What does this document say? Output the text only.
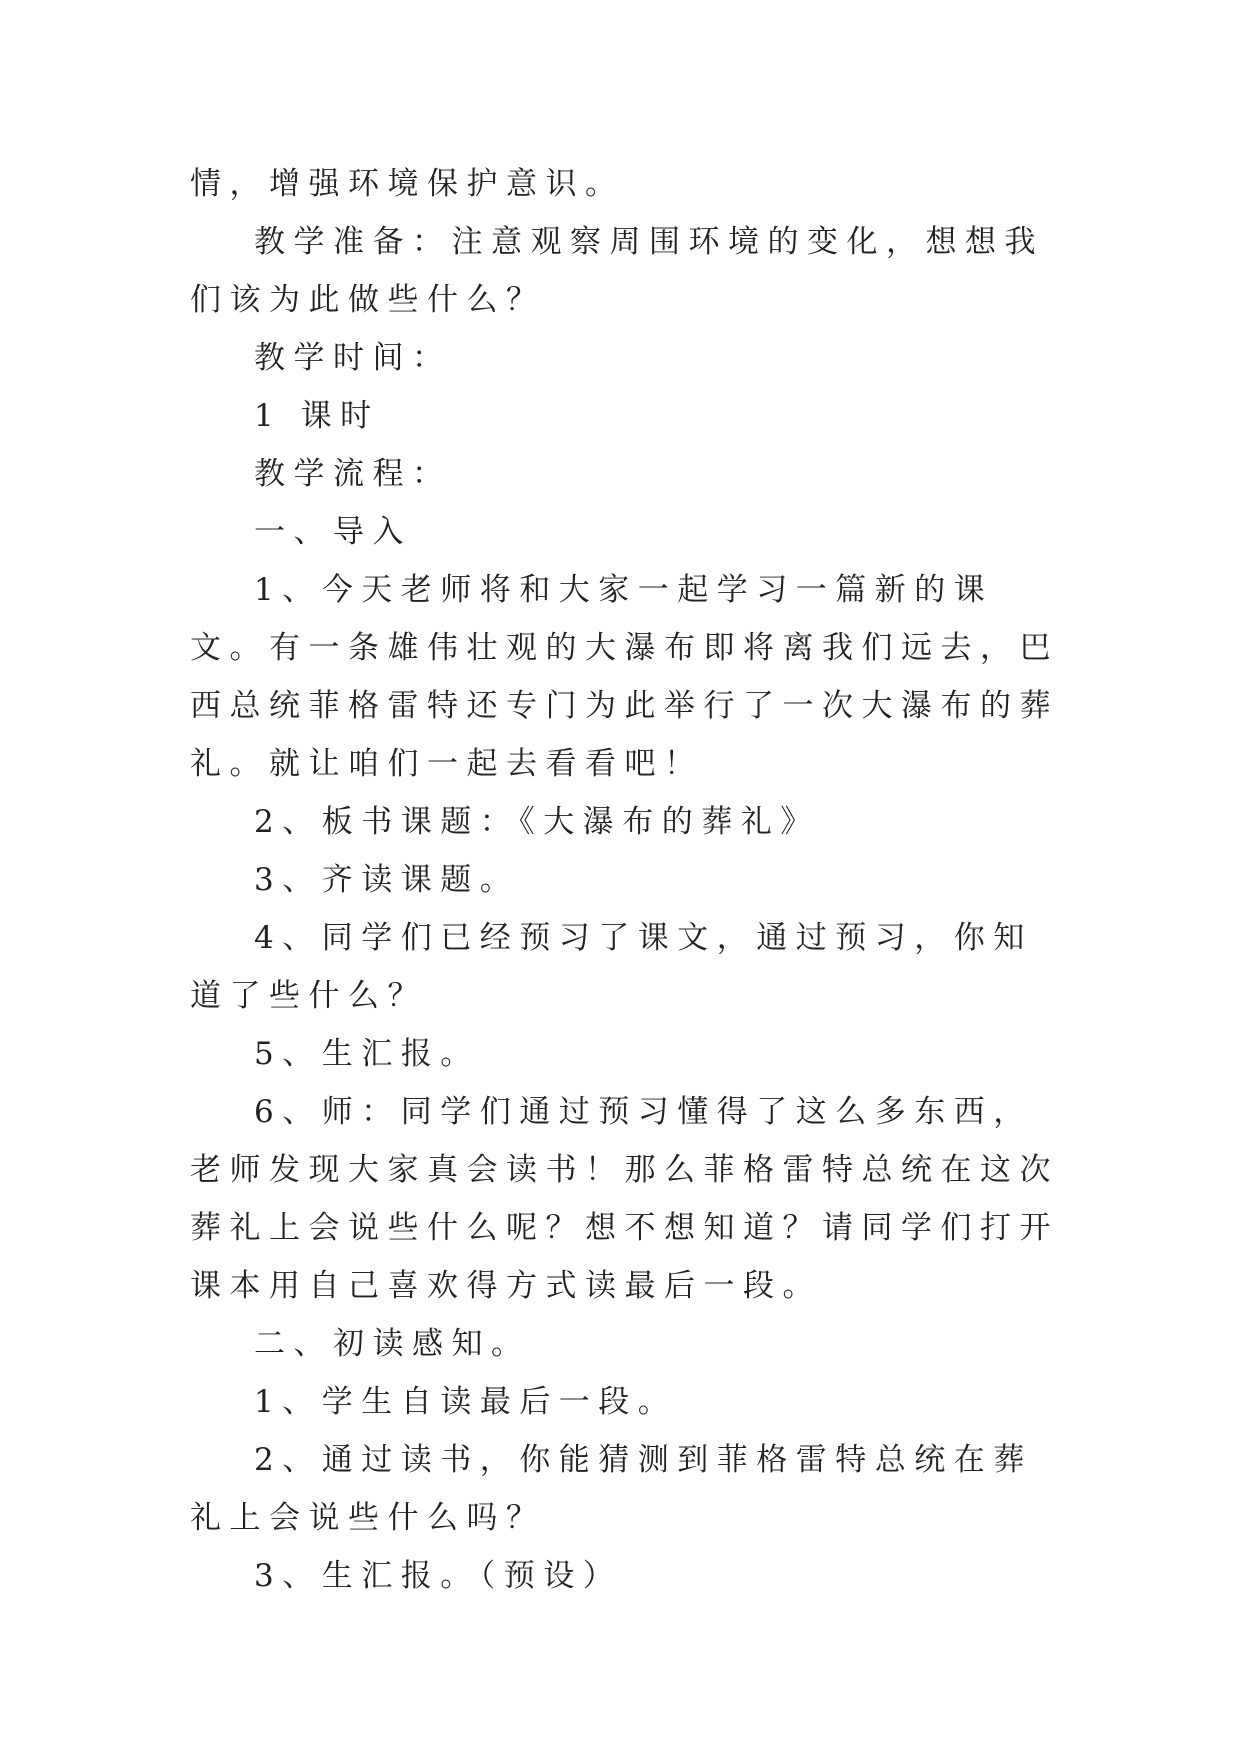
情，增强环境保护意识。

教学准备：注意观察周围环境的变化，想想我们该为此做些什么？

教学时间：

1 课时

教学流程：

一、导入

1、今天老师将和大家一起学习一篇新的课文。有一条雄伟壮观的大瀑布即将离我们远去，巴西总统菲格雷特还专门为此举行了一次大瀑布的葬礼。就让咱们一起去看看吧！

2、板书课题：《大瀑布的葬礼》

3、齐读课题。

4、同学们已经预习了课文，通过预习，你知道了些什么？

5、生汇报。

6、师：同学们通过预习懂得了这么多东西，老师发现大家真会读书！那么菲格雷特总统在这次葬礼上会说些什么呢？想不想知道？请同学们打开课本用自己喜欢得方式读最后一段。

二、初读感知。

1、学生自读最后一段。

2、通过读书，你能猜测到菲格雷特总统在葬礼上会说些什么吗？

3、生汇报。（预设）
